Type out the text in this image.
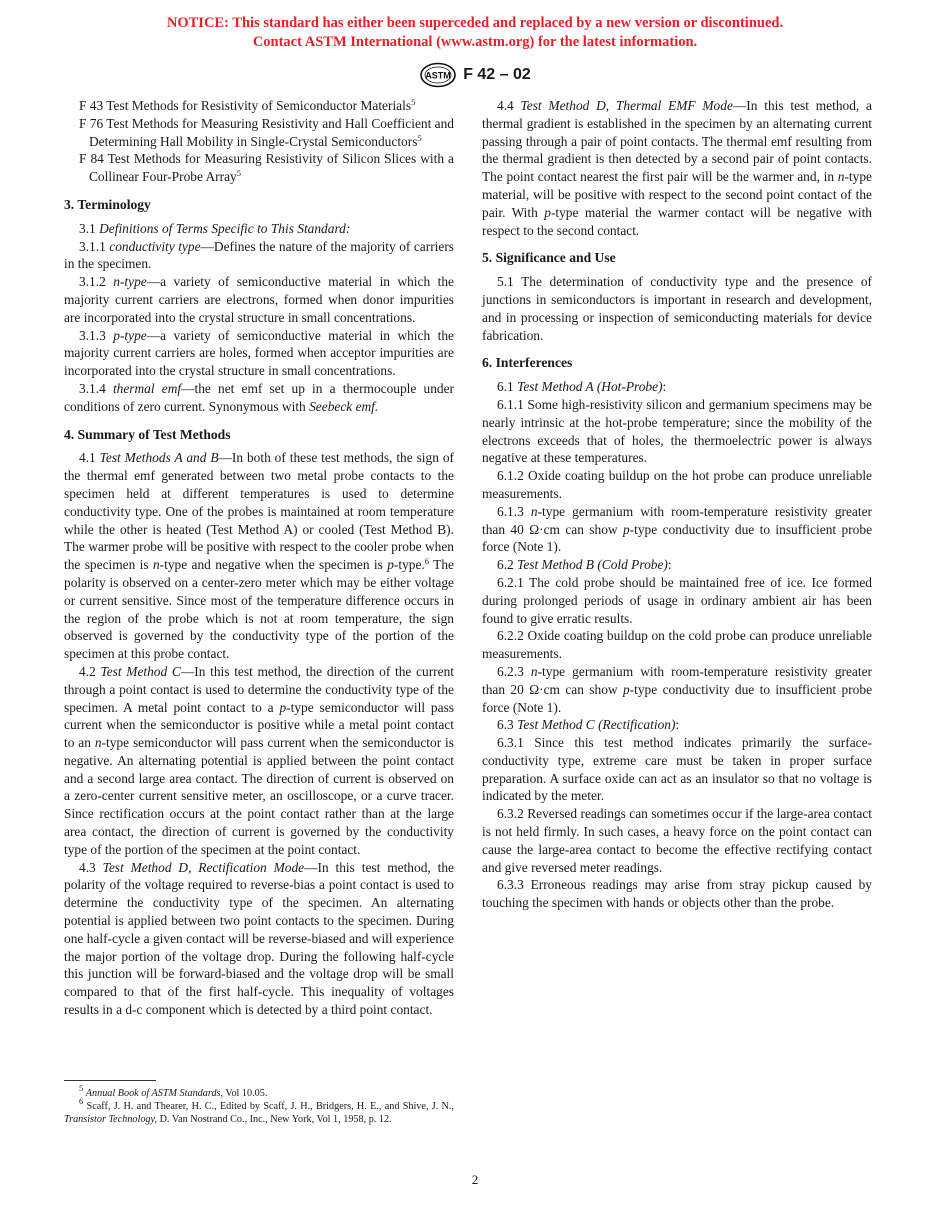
NOTICE: This standard has either been superceded and replaced by a new version or discontinued.
Contact ASTM International (www.astm.org) for the latest information.
ASTM F 42 – 02
F 43 Test Methods for Resistivity of Semiconductor Materials$^5$
F 76 Test Methods for Measuring Resistivity and Hall Coefficient and Determining Hall Mobility in Single-Crystal Semiconductors$^5$
F 84 Test Methods for Measuring Resistivity of Silicon Slices with a Collinear Four-Probe Array$^5$
3. Terminology

3.1 Definitions of Terms Specific to This Standard:

3.1.1 conductivity type—Defines the nature of the majority of carriers in the specimen.

3.1.2 n-type—a variety of semiconductive material in which the majority current carriers are electrons, formed when donor impurities are incorporated into the crystal structure in small concentrations.

3.1.3 p-type—a variety of semiconductive material in which the majority current carriers are holes, formed when acceptor impurities are incorporated into the crystal structure in small concentrations.

3.1.4 thermal emf—the net emf set up in a thermocouple under conditions of zero current. Synonymous with Seebeck emf.

4. Summary of Test Methods

4.1 Test Methods A and B—In both of these test methods, the sign of the thermal emf generated between two metal probe contacts to the specimen held at different temperatures is used to determine conductivity type. One of the probes is maintained at room temperature while the other is heated (Test Method A) or cooled (Test Method B). The warmer probe will be positive with respect to the cooler probe when the specimen is n-type and negative when the specimen is p-type.$^6$ The polarity is observed on a center-zero meter which may be either voltage or current sensitive. Since most of the temperature difference occurs in the region of the probe which is not at room temperature, the sign observed is governed by the conductivity type of the portion of the specimen at this probe contact.

4.2 Test Method C—In this test method, the direction of the current through a point contact is used to determine the conductivity type of the specimen. A metal point contact to a p-type semiconductor will pass current when the semiconductor is positive while a metal point contact to an n-type semiconductor will pass current when the semiconductor is negative. An alternating potential is applied between the point contact and a second large area contact. The direction of current is observed on a zero-center current sensitive meter, an oscilloscope, or a curve tracer. Since rectification occurs at the point contact rather than at the large area contact, the direction of current is governed by the conductivity type of the portion of the specimen at the point contact.

4.3 Test Method D, Rectification Mode—In this test method, the polarity of the voltage required to reverse-bias a point contact is used to determine the conductivity type of the specimen. An alternating potential is applied between two point contacts to the specimen. During one half-cycle a given contact will be reverse-biased and will experience the major portion of the voltage drop. During the following half-cycle this junction will be forward-biased and the voltage drop will be small compared to that of the first half-cycle. This inequality of voltages results in a d-c component which is detected by a third point contact.

4.4 Test Method D, Thermal EMF Mode—In this test method, a thermal gradient is established in the specimen by an alternating current passing through a pair of point contacts. The thermal emf resulting from the thermal gradient is then detected by a second pair of point contacts. The point contact nearest the first pair will be the warmer and, in n-type material, will be positive with respect to the second point contact of the pair. With p-type material the warmer contact will be negative with respect to the second contact.

5. Significance and Use

5.1 The determination of conductivity type and the presence of junctions in semiconductors is important in research and development, and in processing or inspection of semiconducting materials for device fabrication.

6. Interferences

6.1 Test Method A (Hot-Probe):

6.1.1 Some high-resistivity silicon and germanium specimens may be nearly intrinsic at the hot-probe temperature; since the mobility of the electrons exceeds that of holes, the thermoelectric power is always negative at these temperatures.

6.1.2 Oxide coating buildup on the hot probe can produce unreliable measurements.

6.1.3 n-type germanium with room-temperature resistivity greater than 40 Ω·cm can show p-type conductivity due to insufficient probe force (Note 1).

6.2 Test Method B (Cold Probe):

6.2.1 The cold probe should be maintained free of ice. Ice formed during prolonged periods of usage in ordinary ambient air has been found to give erratic results.

6.2.2 Oxide coating buildup on the cold probe can produce unreliable measurements.

6.2.3 n-type germanium with room-temperature resistivity greater than 20 Ω·cm can show p-type conductivity due to insufficient probe force (Note 1).

6.3 Test Method C (Rectification):

6.3.1 Since this test method indicates primarily the surface-conductivity type, extreme care must be taken in proper surface preparation. A surface oxide can act as an insulator so that no voltage is indicated by the meter.

6.3.2 Reversed readings can sometimes occur if the large-area contact is not held firmly. In such cases, a heavy force on the point contact can cause the large-area contact to become the effective rectifying contact and give reversed meter readings.

6.3.3 Erroneous readings may arise from stray pickup caused by touching the specimen with hands or objects other than the probe.

$^5$ Annual Book of ASTM Standards, Vol 10.05.

$^6$ Scaff, J. H. and Thearer, H. C., Edited by Scaff, J. H., Bridgers, H. E., and Shive, J. N., Transistor Technology, D. Van Nostrand Co., Inc., New York, Vol 1, 1958, p. 12.

2
